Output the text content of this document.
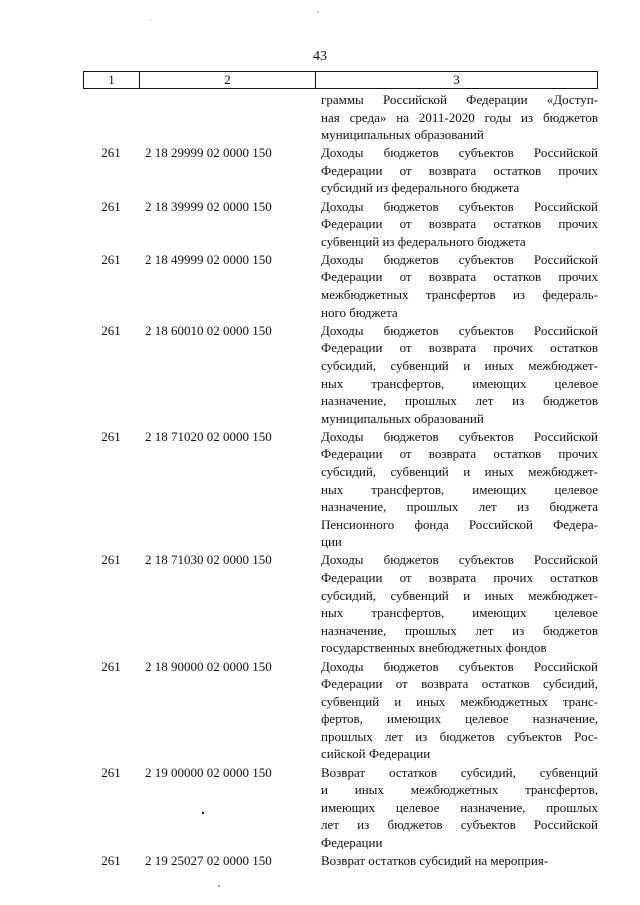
43
1	2	3
граммы Российской Федерации «Доступ-
ная среда» на 2011-2020 годы из бюджетов
муниципальных образований
261	2 18 29999 02 0000 150	Доходы бюджетов субъектов Российской
Федерации от возврата остатков прочих
субсидий из федерального бюджета
261	2 18 39999 02 0000 150	Доходы бюджетов субъектов Российской
Федерации от возврата остатков прочих
субвенций из федерального бюджета
261	2 18 49999 02 0000 150	Доходы бюджетов субъектов Российской
Федерации от возврата остатков прочих
межбюджетных трансфертов из федераль-
ного бюджета
261	2 18 60010 02 0000 150	Доходы бюджетов субъектов Российской
Федерации от возврата прочих остатков
субсидий, субвенций и иных межбюджет-
ных трансфертов, имеющих целевое
назначение, прошлых лет из бюджетов
муниципальных образований
261	2 18 71020 02 0000 150	Доходы бюджетов субъектов Российской
Федерации от возврата остатков прочих
субсидий, субвенций и иных межбюджет-
ных трансфертов, имеющих целевое
назначение, прошлых лет из бюджета
Пенсионного фонда Российской Федера-
ции
261	2 18 71030 02 0000 150	Доходы бюджетов субъектов Российской
Федерации от возврата прочих остатков
субсидий, субвенций и иных межбюджет-
ных трансфертов, имеющих целевое
назначение, прошлых лет из бюджетов
государственных внебюджетных фондов
261	2 18 90000 02 0000 150	Доходы бюджетов субъектов Российской
Федерации от возврата остатков субсидий,
субвенций и иных межбюджетных транс-
фертов, имеющих целевое назначение,
прошлых лет из бюджетов субъектов Рос-
сийской Федерации
261	2 19 00000 02 0000 150	Возврат остатков субсидий, субвенций
и иных межбюджетных трансфертов,
имеющих целевое назначение, прошлых
лет из бюджетов субъектов Российской
Федерации
261	2 19 25027 02 0000 150	Возврат остатков субсидий на мероприя-
